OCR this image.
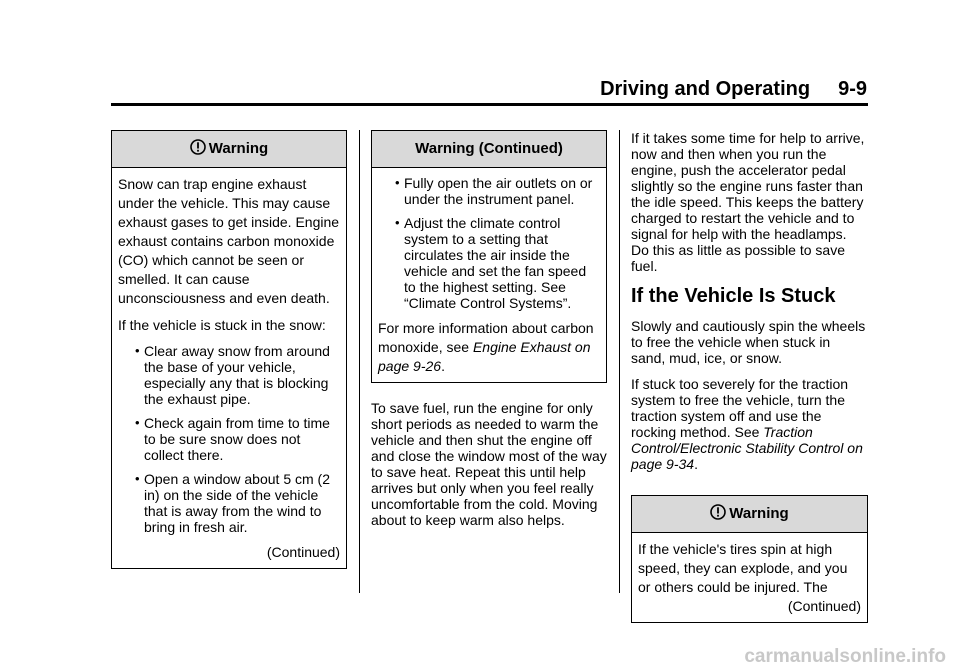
Driving and Operating 9-9
Warning

Snow can trap engine exhaust under the vehicle. This may cause exhaust gases to get inside. Engine exhaust contains carbon monoxide (CO) which cannot be seen or smelled. It can cause unconsciousness and even death.

If the vehicle is stuck in the snow:

• Clear away snow from around the base of your vehicle, especially any that is blocking the exhaust pipe.
• Check again from time to time to be sure snow does not collect there.
• Open a window about 5 cm (2 in) on the side of the vehicle that is away from the wind to bring in fresh air.
(Continued)
Warning (Continued)
• Fully open the air outlets on or under the instrument panel.
• Adjust the climate control system to a setting that circulates the air inside the vehicle and set the fan speed to the highest setting. See “Climate Control Systems”.

For more information about carbon monoxide, see Engine Exhaust on page 9-26.

To save fuel, run the engine for only short periods as needed to warm the vehicle and then shut the engine off and close the window most of the way to save heat. Repeat this until help arrives but only when you feel really uncomfortable from the cold. Moving about to keep warm also helps.

If it takes some time for help to arrive, now and then when you run the engine, push the accelerator pedal slightly so the engine runs faster than the idle speed. This keeps the battery charged to restart the vehicle and to signal for help with the headlamps. Do this as little as possible to save fuel.

If the Vehicle Is Stuck

Slowly and cautiously spin the wheels to free the vehicle when stuck in sand, mud, ice, or snow.

If stuck too severely for the traction system to free the vehicle, turn the traction system off and use the rocking method. See Traction Control/Electronic Stability Control on page 9-34.

Warning

If the vehicle's tires spin at high speed, they can explode, and you or others could be injured. The

(Continued)
carmanualsonline.info
